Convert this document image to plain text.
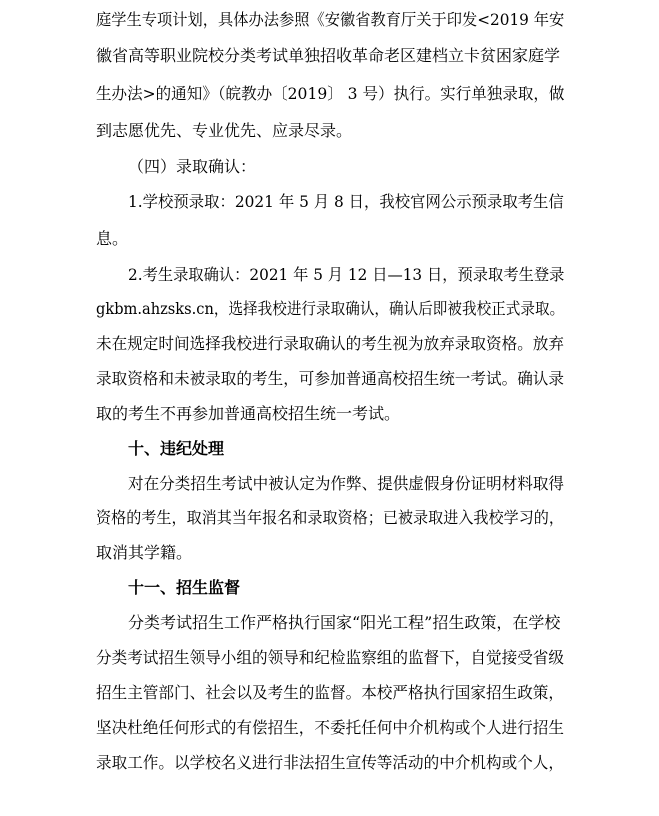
庭学生专项计划，具体办法参照《安徽省教育厅关于印发<2019 年安
徽省高等职业院校分类考试单独招收革命老区建档立卡贫困家庭学
生办法>的通知》（皖教办〔2019〕 3 号）执行。实行单独录取，做
到志愿优先、专业优先、应录尽录。
（四）录取确认：
1.学校预录取：2021 年 5 月 8 日，我校官网公示预录取考生信
息。
2.考生录取确认：2021 年 5 月 12 日—13 日，预录取考生登录
gkbm.ahzsks.cn，选择我校进行录取确认，确认后即被我校正式录取。
未在规定时间选择我校进行录取确认的考生视为放弃录取资格。放弃
录取资格和未被录取的考生，可参加普通高校招生统一考试。确认录
取的考生不再参加普通高校招生统一考试。
十、违纪处理
对在分类招生考试中被认定为作弊、提供虚假身份证明材料取得
资格的考生，取消其当年报名和录取资格；已被录取进入我校学习的，
取消其学籍。
十一、招生监督
分类考试招生工作严格执行国家“阳光工程”招生政策，在学校
分类考试招生领导小组的领导和纪检监察组的监督下，自觉接受省级
招生主管部门、社会以及考生的监督。本校严格执行国家招生政策，
坚决杜绝任何形式的有偿招生，不委托任何中介机构或个人进行招生
录取工作。以学校名义进行非法招生宣传等活动的中介机构或个人，
